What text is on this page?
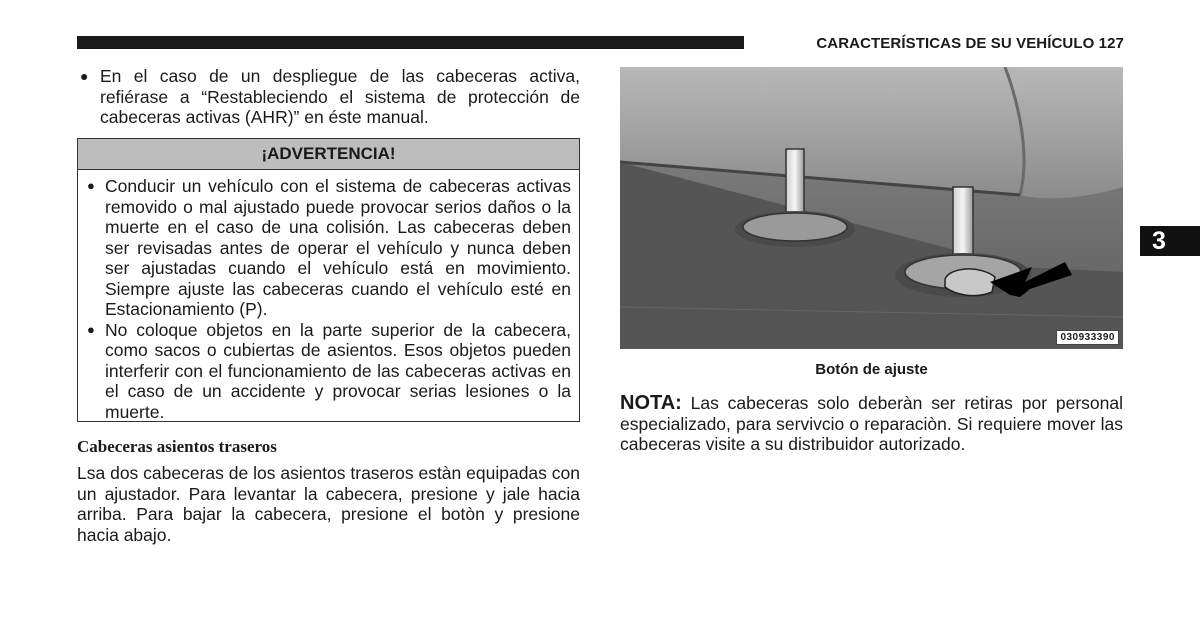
CARACTERÍSTICAS DE SU VEHÍCULO 127
3
● En el caso de un despliegue de las cabeceras activa, refiérase a “Restableciendo el sistema de protección de cabeceras activas (AHR)” en éste manual.
¡ADVERTENCIA!
● Conducir un vehículo con el sistema de cabeceras activas removido o mal ajustado puede provocar serios daños o la muerte en el caso de una colisión. Las cabeceras deben ser revisadas antes de operar el vehículo y nunca deben ser ajustadas cuando el vehículo está en movimiento. Siempre ajuste las cabeceras cuando el vehículo esté en Estacionamiento (P).
● No coloque objetos en la parte superior de la cabecera, como sacos o cubiertas de asientos. Esos objetos pueden interferir con el funcionamiento de las cabeceras activas en el caso de un accidente y provocar serias lesiones o la muerte.
Cabeceras asientos traseros
Lsa dos cabeceras de los asientos traseros estàn equipadas con un ajustador. Para levantar la cabecera, presione y jale hacia arriba. Para bajar la cabecera, presione el botòn y presione hacia abajo.
030933390
Botón de ajuste
NOTA: Las cabeceras solo deberàn ser retiras por personal especializado, para servivcio o reparaciòn. Si requiere mover las cabeceras visite a su distribuidor autorizado.
